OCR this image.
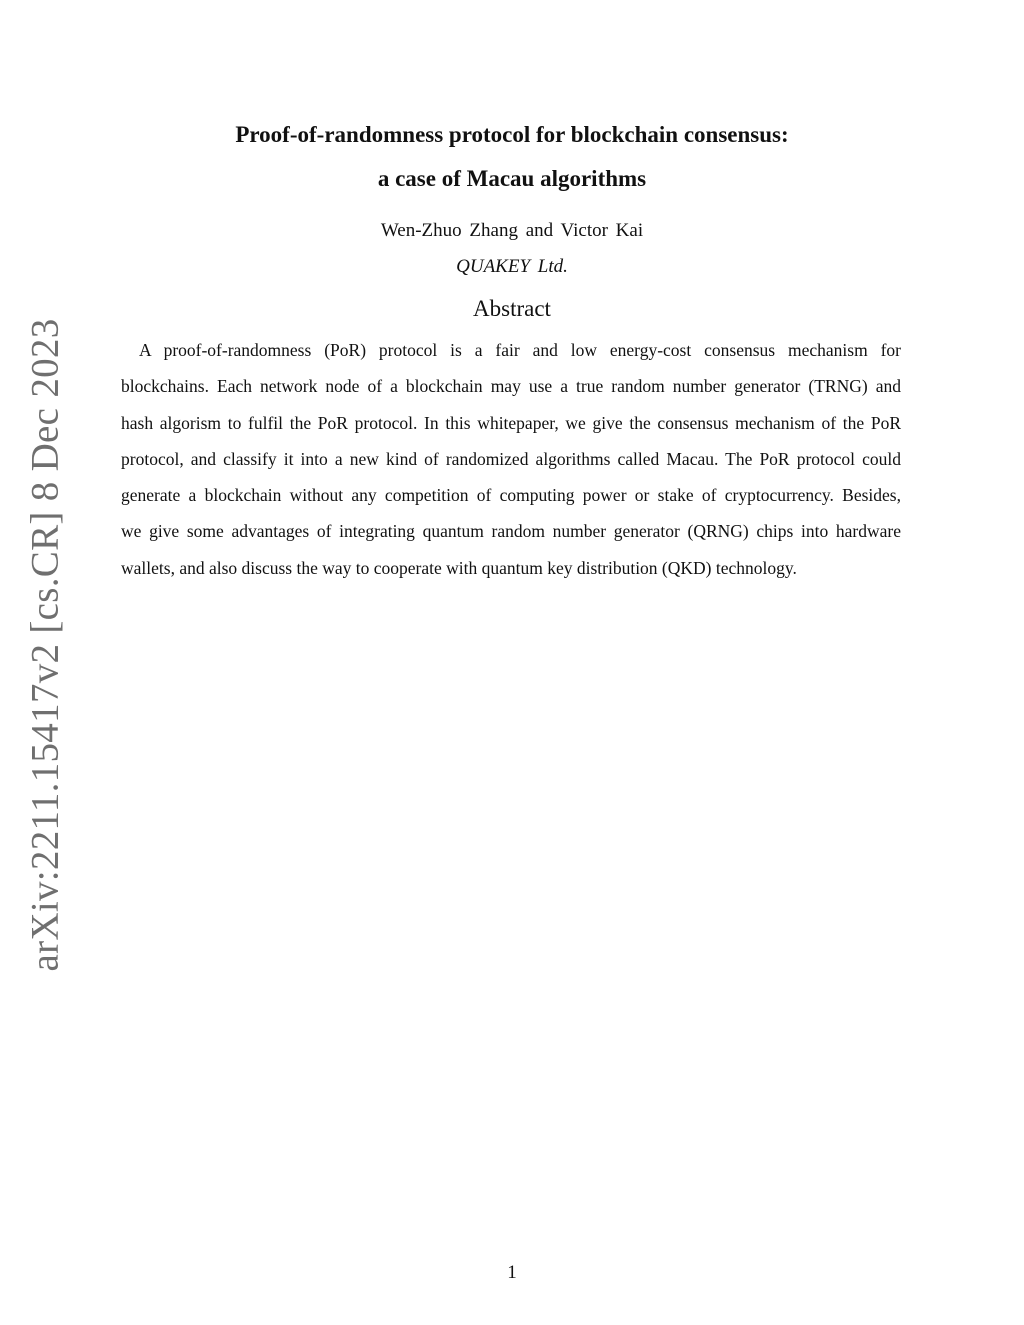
arXiv:2211.15417v2 [cs.CR] 8 Dec 2023
Proof-of-randomness protocol for blockchain consensus:
a case of Macau algorithms
Wen-Zhuo Zhang and Victor Kai
QUAKEY Ltd.
Abstract
A proof-of-randomness (PoR) protocol is a fair and low energy-cost consensus mechanism for
blockchains. Each network node of a blockchain may use a true random number generator (TRNG) and
hash algorism to fulfil the PoR protocol. In this whitepaper, we give the consensus mechanism of the PoR
protocol, and classify it into a new kind of randomized algorithms called Macau. The PoR protocol could
generate a blockchain without any competition of computing power or stake of cryptocurrency. Besides,
we give some advantages of integrating quantum random number generator (QRNG) chips into hardware
wallets, and also discuss the way to cooperate with quantum key distribution (QKD) technology.
1
